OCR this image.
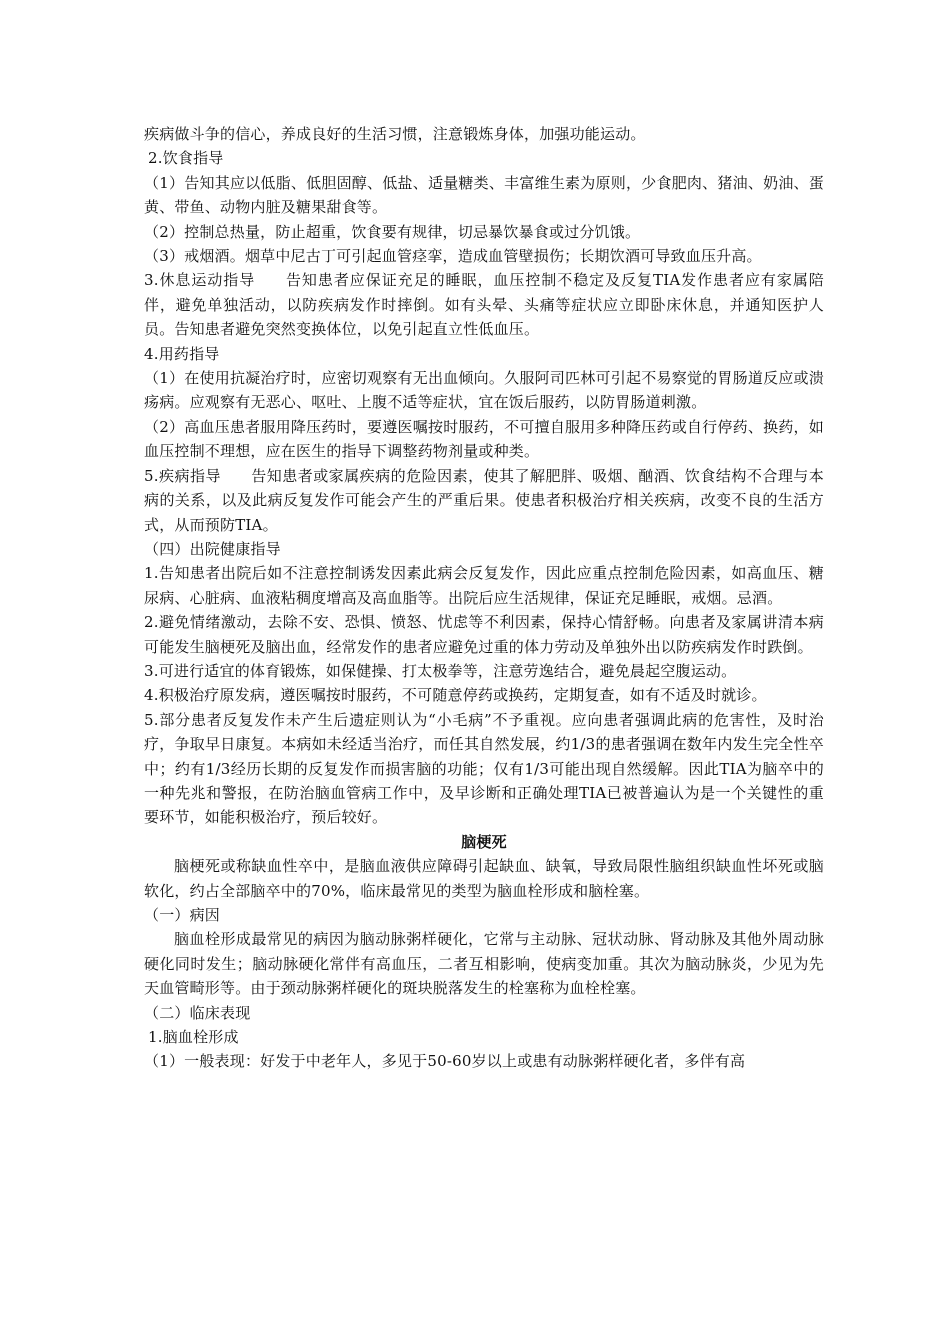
疾病做斗争的信心，养成良好的生活习惯，注意锻炼身体，加强功能运动。

2.饮食指导

（1）告知其应以低脂、低胆固醇、低盐、适量糖类、丰富维生素为原则，少食肥肉、猪油、奶油、蛋黄、带鱼、动物内脏及糖果甜食等。

（2）控制总热量，防止超重，饮食要有规律，切忌暴饮暴食或过分饥饿。

（3）戒烟酒。烟草中尼古丁可引起血管痉挛，造成血管壁损伤；长期饮酒可导致血压升高。

3.休息运动指导 告知患者应保证充足的睡眠，血压控制不稳定及反复TIA发作患者应有家属陪伴，避免单独活动，以防疾病发作时摔倒。如有头晕、头痛等症状应立即卧床休息，并通知医护人员。告知患者避免突然变换体位，以免引起直立性低血压。

4.用药指导

（1）在使用抗凝治疗时，应密切观察有无出血倾向。久服阿司匹林可引起不易察觉的胃肠道反应或溃疡病。应观察有无恶心、呕吐、上腹不适等症状，宜在饭后服药，以防胃肠道刺激。

（2）高血压患者服用降压药时，要遵医嘱按时服药，不可擅自服用多种降压药或自行停药、换药，如血压控制不理想，应在医生的指导下调整药物剂量或种类。

5.疾病指导 告知患者或家属疾病的危险因素，使其了解肥胖、吸烟、酗酒、饮食结构不合理与本病的关系，以及此病反复发作可能会产生的严重后果。使患者积极治疗相关疾病，改变不良的生活方式，从而预防TIA。

（四）出院健康指导

1.告知患者出院后如不注意控制诱发因素此病会反复发作，因此应重点控制危险因素，如高血压、糖尿病、心脏病、血液粘稠度增高及高血脂等。出院后应生活规律，保证充足睡眠，戒烟。忌酒。

2.避免情绪激动，去除不安、恐惧、愤怒、忧虑等不利因素，保持心情舒畅。向患者及家属讲清本病可能发生脑梗死及脑出血，经常发作的患者应避免过重的体力劳动及单独外出以防疾病发作时跌倒。

3.可进行适宜的体育锻炼，如保健操、打太极拳等，注意劳逸结合，避免晨起空腹运动。

4.积极治疗原发病，遵医嘱按时服药，不可随意停药或换药，定期复查，如有不适及时就诊。

5.部分患者反复发作未产生后遗症则认为“小毛病”不予重视。应向患者强调此病的危害性，及时治疗，争取早日康复。本病如未经适当治疗，而任其自然发展，约1/3的患者强调在数年内发生完全性卒中；约有1/3经历长期的反复发作而损害脑的功能；仅有1/3可能出现自然缓解。因此TIA为脑卒中的一种先兆和警报，在防治脑血管病工作中，及早诊断和正确处理TIA已被普遍认为是一个关键性的重要环节，如能积极治疗，预后较好。

脑梗死

脑梗死或称缺血性卒中，是脑血液供应障碍引起缺血、缺氧，导致局限性脑组织缺血性坏死或脑软化，约占全部脑卒中的70%，临床最常见的类型为脑血栓形成和脑栓塞。

（一）病因

脑血栓形成最常见的病因为脑动脉粥样硬化，它常与主动脉、冠状动脉、肾动脉及其他外周动脉硬化同时发生；脑动脉硬化常伴有高血压，二者互相影响，使病变加重。其次为脑动脉炎，少见为先天血管畸形等。由于颈动脉粥样硬化的斑块脱落发生的栓塞称为血栓栓塞。

（二）临床表现

1.脑血栓形成

（1）一般表现：好发于中老年人，多见于50-60岁以上或患有动脉粥样硬化者，多伴有高
